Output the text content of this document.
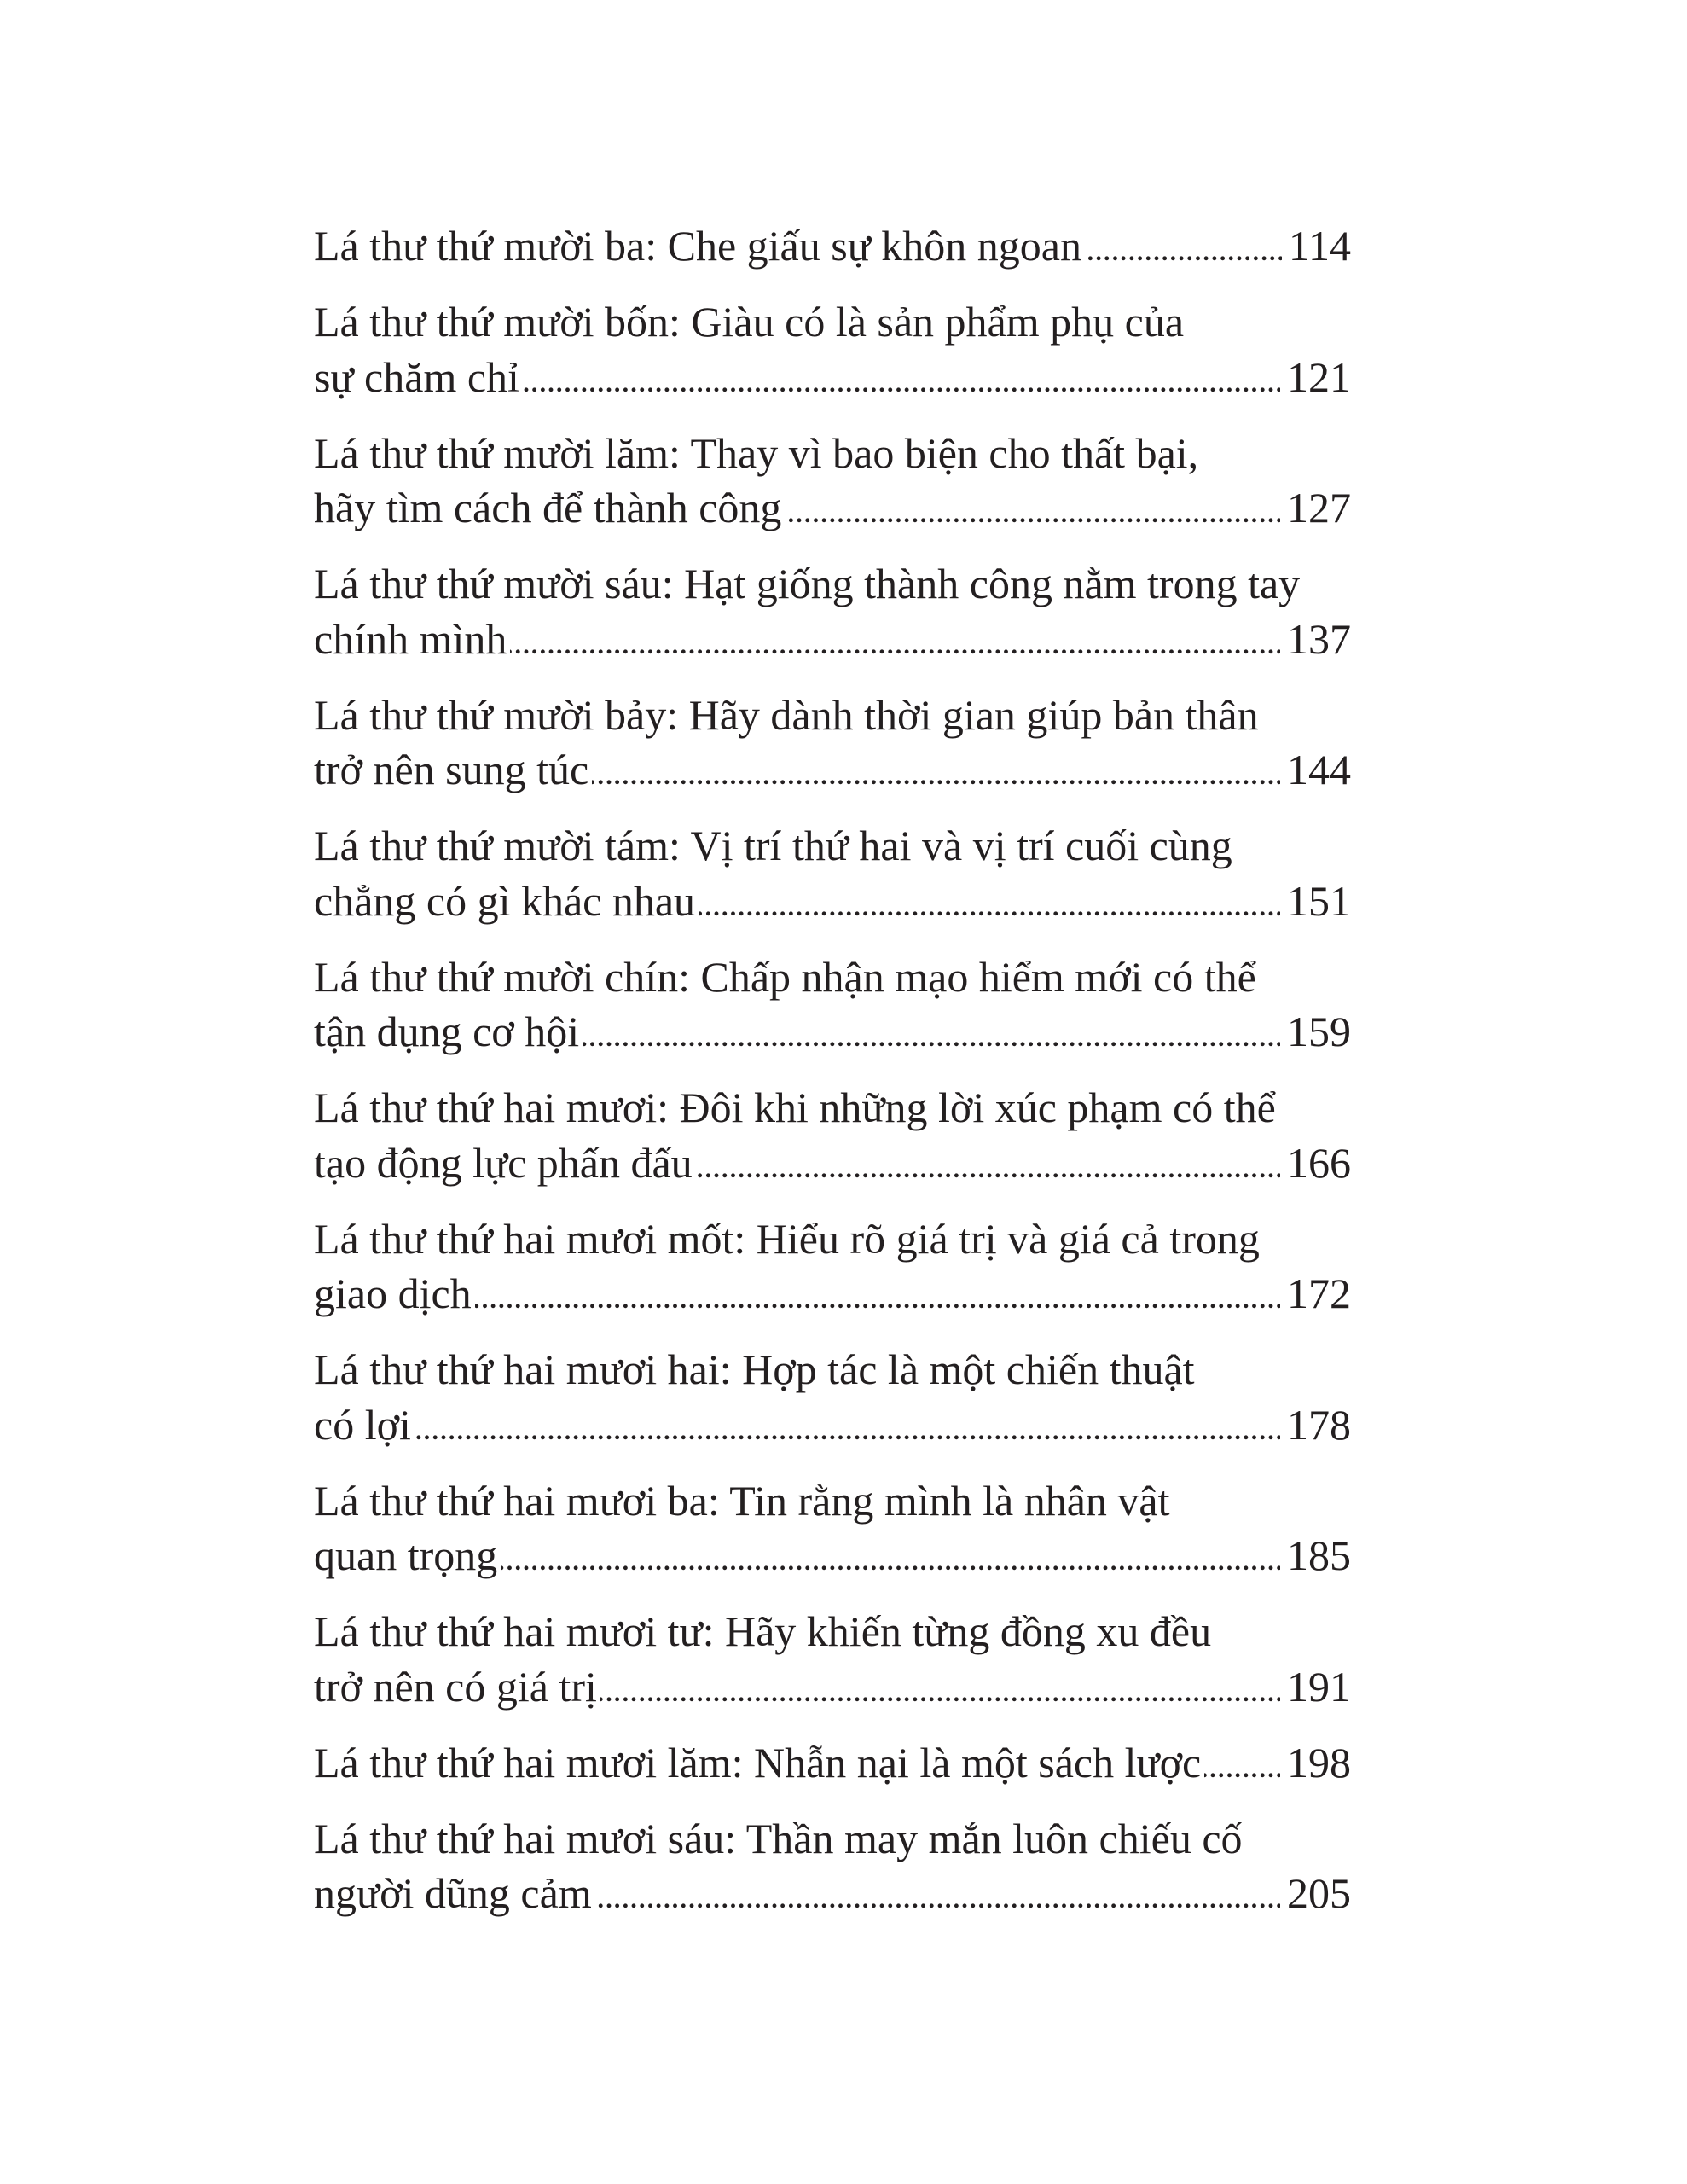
Lá thư thứ mười ba: Che giấu sự khôn ngoan . . .	114
Lá thư thứ mười bốn: Giàu có là sản phẩm phụ của
sự chăm chỉ . . .	121
Lá thư thứ mười lăm: Thay vì bao biện cho thất bại,
hãy tìm cách để thành công . . .	127
Lá thư thứ mười sáu: Hạt giống thành công nằm trong tay
chính mình . . .	137
Lá thư thứ mười bảy: Hãy dành thời gian giúp bản thân
trở nên sung túc . . .	144
Lá thư thứ mười tám: Vị trí thứ hai và vị trí cuối cùng
chẳng có gì khác nhau . . .	151
Lá thư thứ mười chín: Chấp nhận mạo hiểm mới có thể
tận dụng cơ hội . . .	159
Lá thư thứ hai mươi: Đôi khi những lời xúc phạm có thể
tạo động lực phấn đấu . . .	166
Lá thư thứ hai mươi mốt: Hiểu rõ giá trị và giá cả trong
giao dịch . . .	172
Lá thư thứ hai mươi hai: Hợp tác là một chiến thuật
có lợi . . .	178
Lá thư thứ hai mươi ba: Tin rằng mình là nhân vật
quan trọng . . .	185
Lá thư thứ hai mươi tư: Hãy khiến từng đồng xu đều
trở nên có giá trị . . .	191
Lá thư thứ hai mươi lăm: Nhẫn nại là một sách lược . . . 198
Lá thư thứ hai mươi sáu: Thần may mắn luôn chiếu cố
người dũng cảm . . .	205
